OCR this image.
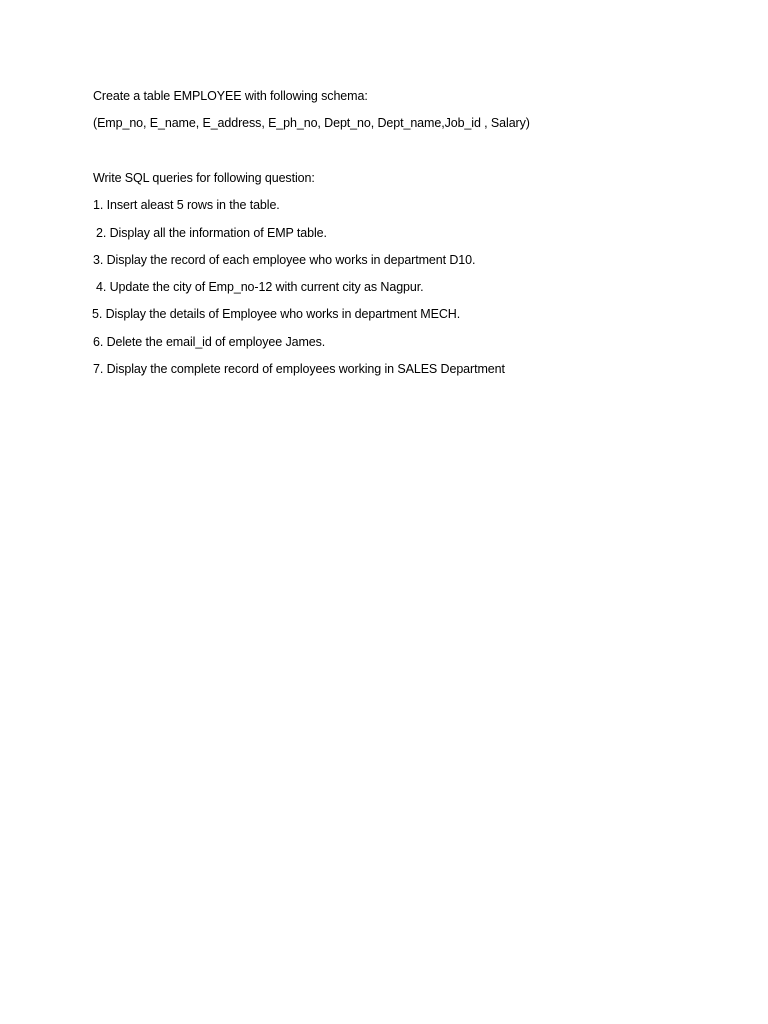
Create a table EMPLOYEE with following schema:
(Emp_no, E_name, E_address, E_ph_no, Dept_no, Dept_name,Job_id , Salary)
Write SQL queries for following question:
1. Insert aleast 5 rows in the table.
2. Display all the information of EMP table.
3. Display the record of each employee who works in department D10.
4. Update the city of Emp_no-12 with current city as Nagpur.
5. Display the details of Employee who works in department MECH.
6. Delete the email_id of employee James.
7. Display the complete record of employees working in SALES Department
